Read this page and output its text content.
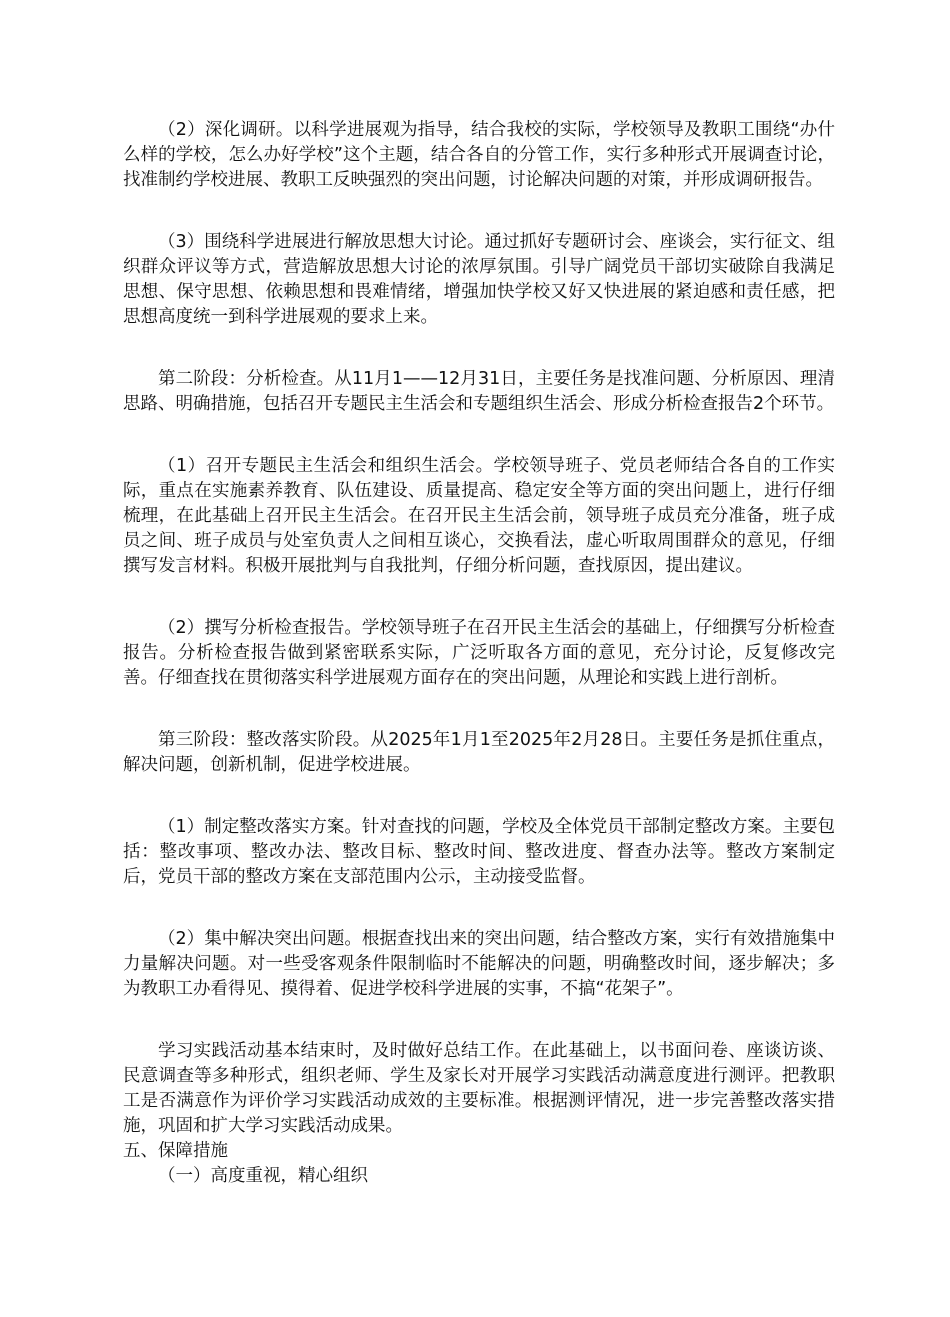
（2）深化调研。以科学进展观为指导，结合我校的实际，学校领导及教职工围绕“办什么样的学校，怎么办好学校”这个主题，结合各自的分管工作，实行多种形式开展调查讨论，找准制约学校进展、教职工反映强烈的突出问题，讨论解决问题的对策，并形成调研报告。

（3）围绕科学进展进行解放思想大讨论。通过抓好专题研讨会、座谈会，实行征文、组织群众评议等方式，营造解放思想大讨论的浓厚氛围。引导广阔党员干部切实破除自我满足思想、保守思想、依赖思想和畏难情绪，增强加快学校又好又快进展的紧迫感和责任感，把思想高度统一到科学进展观的要求上来。

第二阶段：分析检查。从11月1——12月31日，主要任务是找准问题、分析原因、理清思路、明确措施，包括召开专题民主生活会和专题组织生活会、形成分析检查报告2个环节。

（1）召开专题民主生活会和组织生活会。学校领导班子、党员老师结合各自的工作实际，重点在实施素养教育、队伍建设、质量提高、稳定安全等方面的突出问题上，进行仔细梳理，在此基础上召开民主生活会。在召开民主生活会前，领导班子成员充分准备，班子成员之间、班子成员与处室负责人之间相互谈心，交换看法，虚心听取周围群众的意见，仔细撰写发言材料。积极开展批判与自我批判，仔细分析问题，查找原因，提出建议。

（2）撰写分析检查报告。学校领导班子在召开民主生活会的基础上，仔细撰写分析检查报告。分析检查报告做到紧密联系实际，广泛听取各方面的意见，充分讨论，反复修改完善。仔细查找在贯彻落实科学进展观方面存在的突出问题，从理论和实践上进行剖析。

第三阶段：整改落实阶段。从2025年1月1至2025年2月28日。主要任务是抓住重点，解决问题，创新机制，促进学校进展。

（1）制定整改落实方案。针对查找的问题，学校及全体党员干部制定整改方案。主要包括：整改事项、整改办法、整改目标、整改时间、整改进度、督查办法等。整改方案制定后，党员干部的整改方案在支部范围内公示，主动接受监督。

（2）集中解决突出问题。根据查找出来的突出问题，结合整改方案，实行有效措施集中力量解决问题。对一些受客观条件限制临时不能解决的问题，明确整改时间，逐步解决；多为教职工办看得见、摸得着、促进学校科学进展的实事，不搞“花架子”。

学习实践活动基本结束时，及时做好总结工作。在此基础上，以书面问卷、座谈访谈、民意调查等多种形式，组织老师、学生及家长对开展学习实践活动满意度进行测评。把教职工是否满意作为评价学习实践活动成效的主要标准。根据测评情况，进一步完善整改落实措施，巩固和扩大学习实践活动成果。

五、保障措施

（一）高度重视，精心组织
